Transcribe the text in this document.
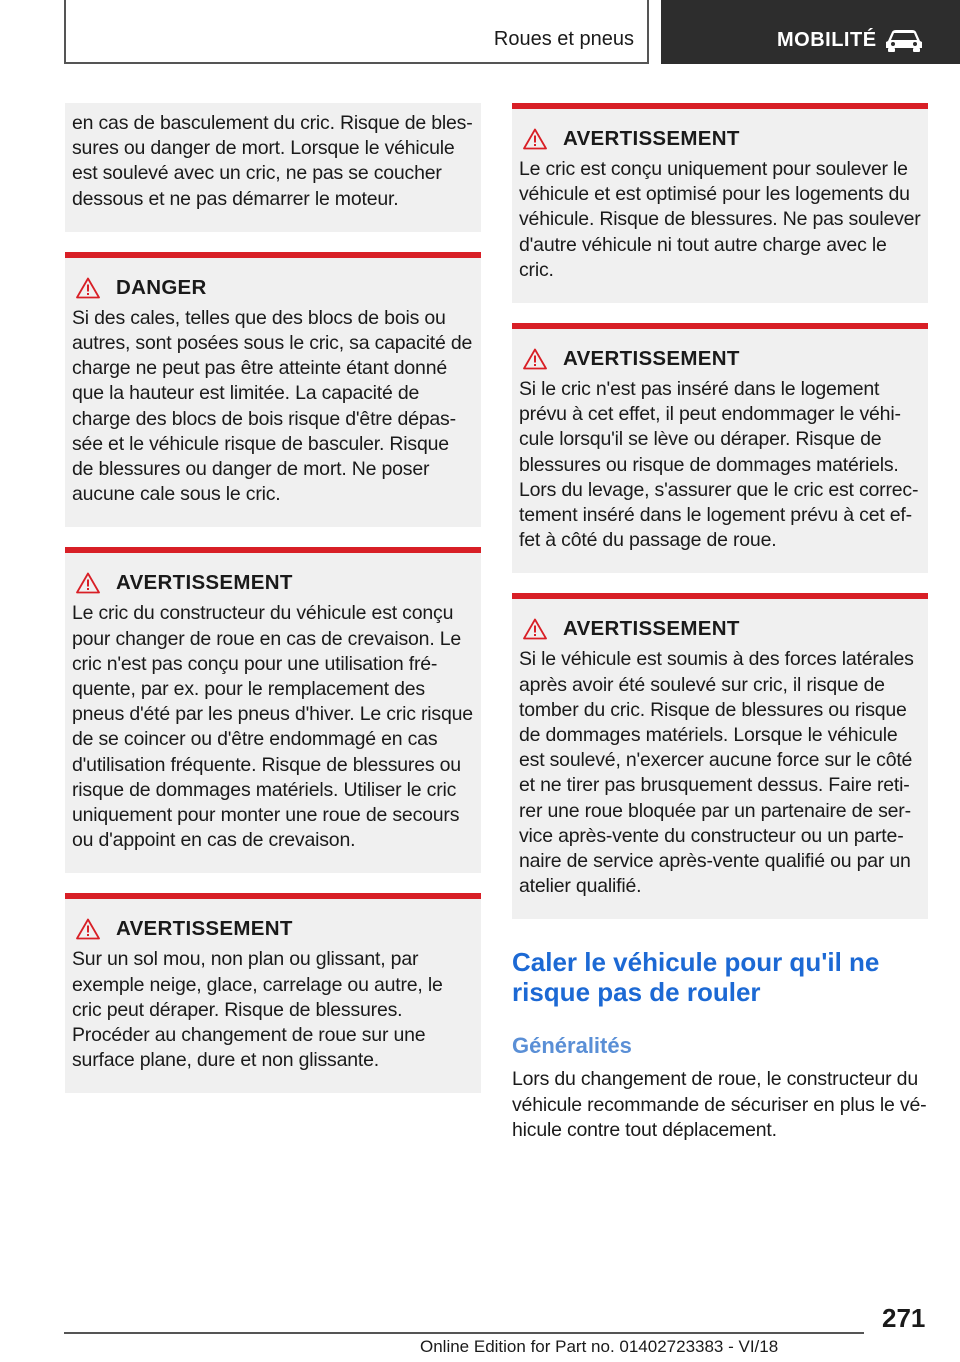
Roues et pneus	MOBILITÉ

en cas de basculement du cric. Risque de blessures ou danger de mort. Lorsque le véhicule est soulevé avec un cric, ne pas se coucher dessous et ne pas démarrer le moteur.

DANGER

Si des cales, telles que des blocs de bois ou autres, sont posées sous le cric, sa capacité de charge ne peut pas être atteinte étant donné que la hauteur est limitée. La capacité de charge des blocs de bois risque d'être dépassée et le véhicule risque de basculer. Risque de blessures ou danger de mort. Ne poser aucune cale sous le cric.

AVERTISSEMENT

Le cric du constructeur du véhicule est conçu pour changer de roue en cas de crevaison. Le cric n'est pas conçu pour une utilisation fréquente, par ex. pour le remplacement des pneus d'été par les pneus d'hiver. Le cric risque de se coincer ou d'être endommagé en cas d'utilisation fréquente. Risque de blessures ou risque de dommages matériels. Utiliser le cric uniquement pour monter une roue de secours ou d'appoint en cas de crevaison.

AVERTISSEMENT

Sur un sol mou, non plan ou glissant, par exemple neige, glace, carrelage ou autre, le cric peut déraper. Risque de blessures. Procéder au changement de roue sur une surface plane, dure et non glissante.

AVERTISSEMENT

Le cric est conçu uniquement pour soulever le véhicule et est optimisé pour les logements du véhicule. Risque de blessures. Ne pas soulever d'autre véhicule ni tout autre charge avec le cric.

AVERTISSEMENT

Si le cric n'est pas inséré dans le logement prévu à cet effet, il peut endommager le véhicule lorsqu'il se lève ou déraper. Risque de blessures ou risque de dommages matériels. Lors du levage, s'assurer que le cric est correctement inséré dans le logement prévu à cet effet à côté du passage de roue.

AVERTISSEMENT

Si le véhicule est soumis à des forces latérales après avoir été soulevé sur cric, il risque de tomber du cric. Risque de blessures ou risque de dommages matériels. Lorsque le véhicule est soulevé, n'exercer aucune force sur le côté et ne tirer pas brusquement dessus. Faire retirer une roue bloquée par un partenaire de service après-vente du constructeur ou un partenaire de service après-vente qualifié ou par un atelier qualifié.

Caler le véhicule pour qu'il ne risque pas de rouler
Généralités

Lors du changement de roue, le constructeur du véhicule recommande de sécuriser en plus le véhicule contre tout déplacement.

271
Online Edition for Part no. 01402723383 - VI/18
